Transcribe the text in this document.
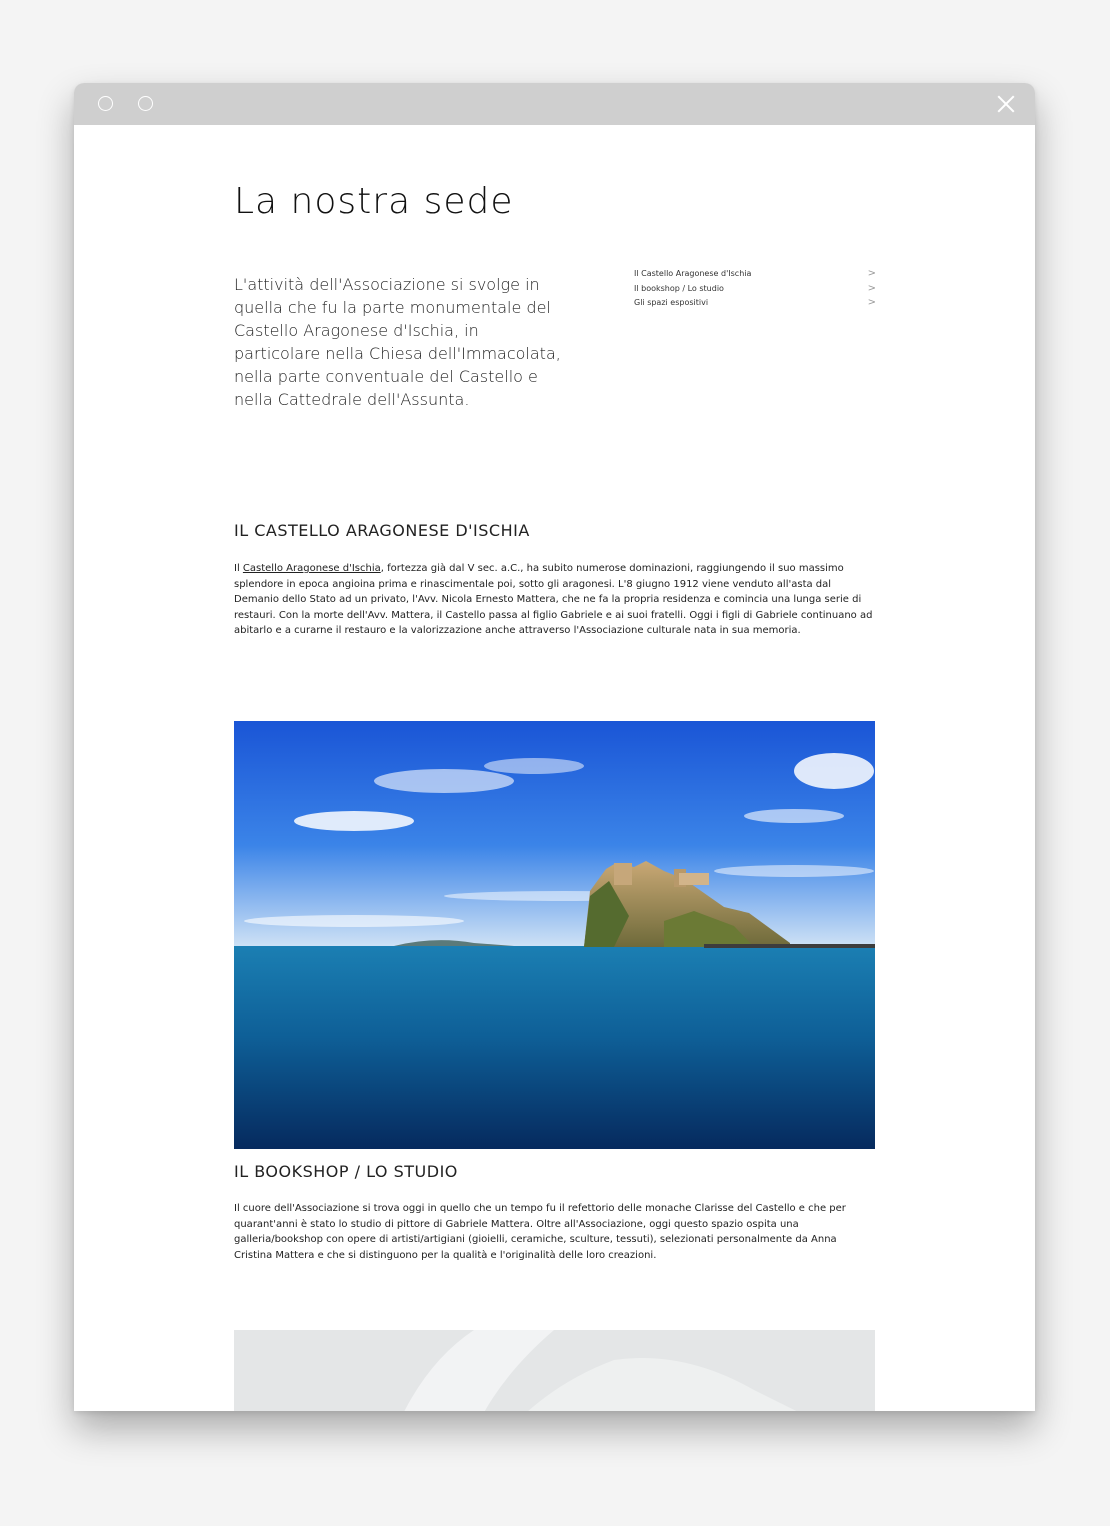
La nostra sede

L'attività dell'Associazione si svolge in quella che fu la parte monumentale del Castello Aragonese d'Ischia, in particolare nella Chiesa dell'Immacolata, nella parte conventuale del Castello e nella Cattedrale dell'Assunta.

Il Castello Aragonese d'Ischia	>
Il bookshop / Lo studio	>
Gli spazi espositivi	>
IL CASTELLO ARAGONESE D'ISCHIA

Il Castello Aragonese d'Ischia, fortezza già dal V sec. a.C., ha subito numerose dominazioni, raggiungendo il suo massimo splendore in epoca angioina prima e rinascimentale poi, sotto gli aragonesi. L'8 giugno 1912 viene venduto all'asta dal Demanio dello Stato ad un privato, l'Avv. Nicola Ernesto Mattera, che ne fa la propria residenza e comincia una lunga serie di restauri. Con la morte dell'Avv. Mattera, il Castello passa al figlio Gabriele e ai suoi fratelli. Oggi i figli di Gabriele continuano ad abitarlo e a curarne il restauro e la valorizzazione anche attraverso l'Associazione culturale nata in sua memoria.

IL BOOKSHOP / LO STUDIO

Il cuore dell'Associazione si trova oggi in quello che un tempo fu il refettorio delle monache Clarisse del Castello e che per quarant'anni è stato lo studio di pittore di Gabriele Mattera. Oltre all'Associazione, oggi questo spazio ospita una galleria/bookshop con opere di artisti/artigiani (gioielli, ceramiche, sculture, tessuti), selezionati personalmente da Anna Cristina Mattera e che si distinguono per la qualità e l'originalità delle loro creazioni.
